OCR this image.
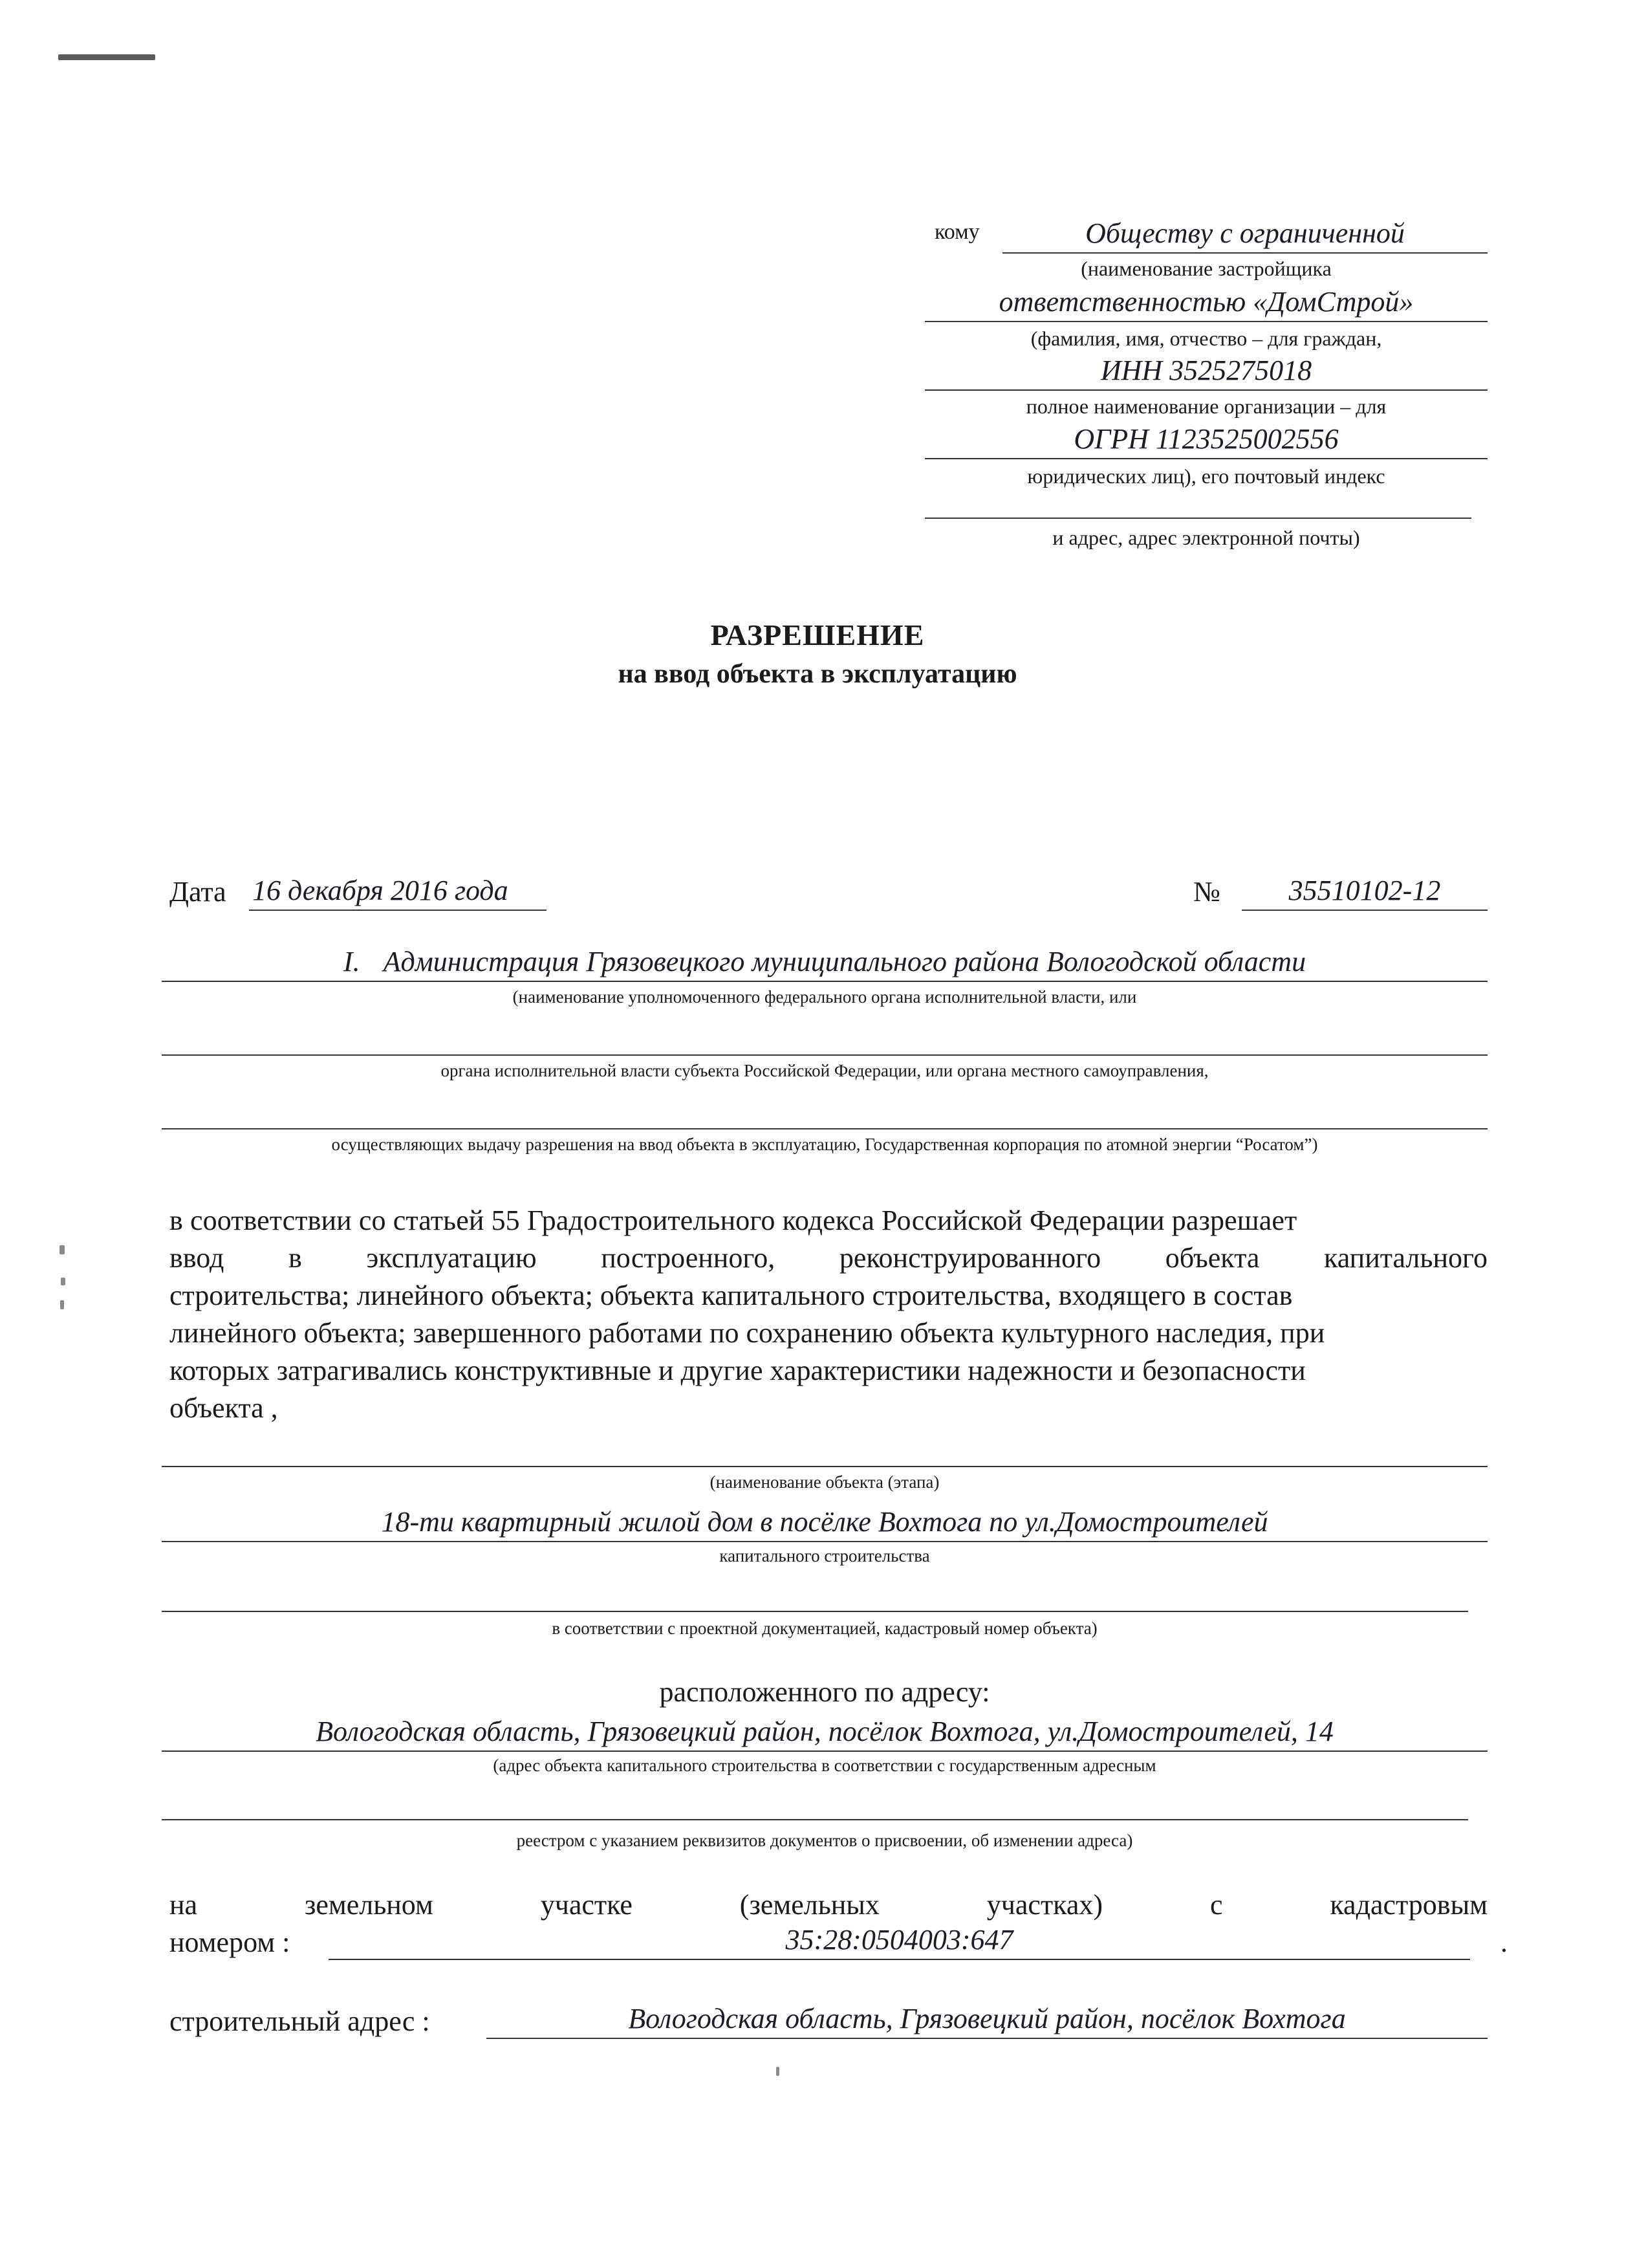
кому	Обществу с ограниченной
(наименование застройщика
ответственностью «ДомСтрой»
(фамилия, имя, отчество – для граждан,
ИНН 3525275018
полное наименование организации – для
ОГРН 1123525002556
юридических лиц), его почтовый индекс
и адрес, адрес электронной почты)
РАЗРЕШЕНИЕ
на ввод объекта в эксплуатацию
Дата 16 декабря 2016 года	№	35510102-12
I. Администрация Грязовецкого муниципального района Вологодской области
(наименование уполномоченного федерального органа исполнительной власти, или
органа исполнительной власти субъекта Российской Федерации, или органа местного самоуправления,
осуществляющих выдачу разрешения на ввод объекта в эксплуатацию, Государственная корпорация по атомной энергии “Росатом”)
в соответствии со статьей 55 Градостроительного кодекса Российской Федерации разрешает
ввод в эксплуатацию построенного, реконструированного объекта капитального
строительства; линейного объекта; объекта капитального строительства, входящего в состав
линейного объекта; завершенного работами по сохранению объекта культурного наследия, при
которых затрагивались конструктивные и другие характеристики надежности и безопасности
объекта ,
(наименование объекта (этапа)
18-ти квартирный жилой дом в посёлке Вохтога по ул.Домостроителей
капитального строительства
в соответствии с проектной документацией, кадастровый номер объекта)
расположенного по адресу:
Вологодская область, Грязовецкий район, посёлок Вохтога, ул.Домостроителей, 14
(адрес объекта капитального строительства в соответствии с государственным адресным
реестром с указанием реквизитов документов о присвоении, об изменении адреса)
на	земельном	участке	(земельных	участках)	с	кадастровым
номером :	35:28:0504003:647	.
строительный адрес :	Вологодская область, Грязовецкий район, посёлок Вохтога
